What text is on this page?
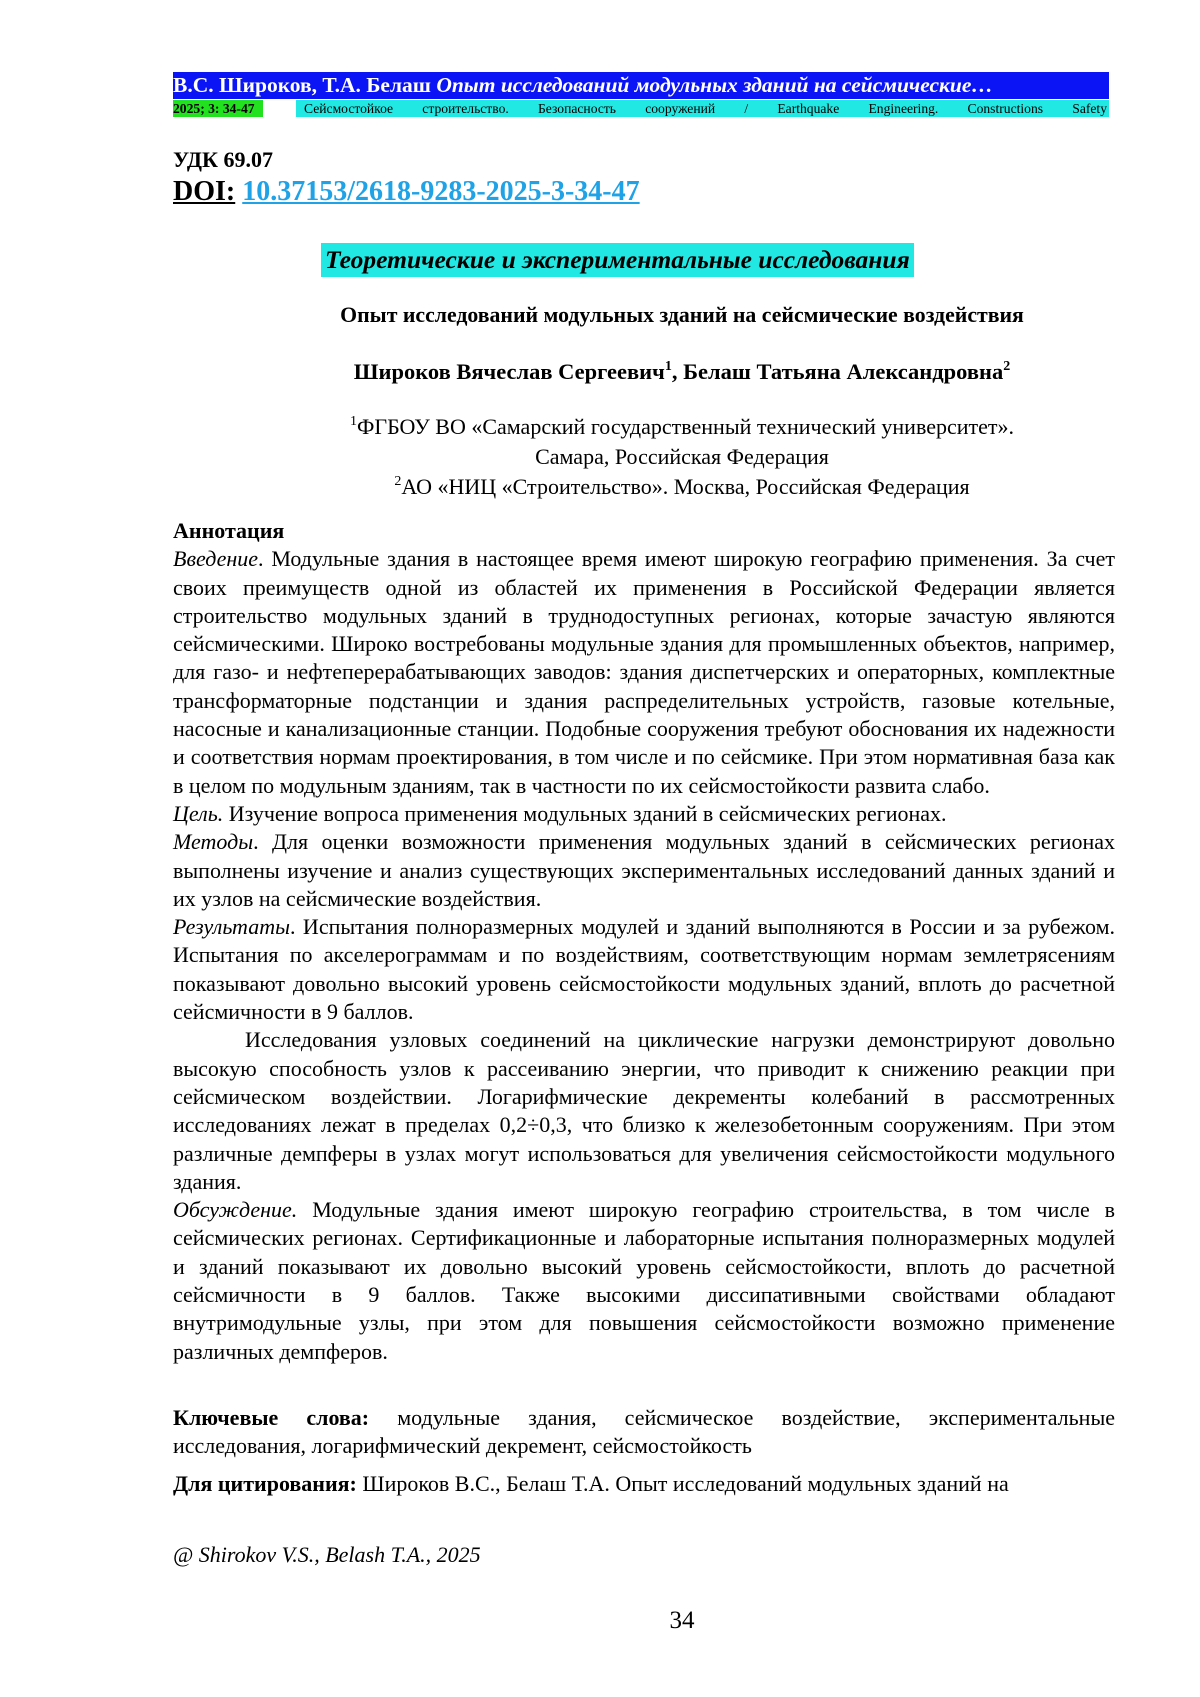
В.С. Широков, Т.А. Белаш Опыт исследований модульных зданий на сейсмические…
2025; 3: 34-47	Сейсмостойкое строительство. Безопасность сооружений / Earthquake Engineering. Constructions Safety
УДК 69.07
DOI: 10.37153/2618-9283-2025-3-34-47
Теоретические и экспериментальные исследования
Опыт исследований модульных зданий на сейсмические воздействия
Широков Вячеслав Сергеевич$^1$, Белаш Татьяна Александровна$^2$
$^1$ФГБОУ ВО «Самарский государственный технический университет».
Самара, Российская Федерация
$^2$АО «НИЦ «Строительство». Москва, Российская Федерация

Аннотация

Введение. Модульные здания в настоящее время имеют широкую географию применения. За счет своих преимуществ одной из областей их применения в Российской Федерации является строительство модульных зданий в труднодоступных регионах, которые зачастую являются сейсмическими. Широко востребованы модульные здания для промышленных объектов, например, для газо- и нефтеперерабатывающих заводов: здания диспетчерских и операторных, комплектные трансформаторные подстанции и здания распределительных устройств, газовые котельные, насосные и канализационные станции. Подобные сооружения требуют обоснования их надежности и соответствия нормам проектирования, в том числе и по сейсмике. При этом нормативная база как в целом по модульным зданиям, так в частности по их сейсмостойкости развита слабо.

Цель. Изучение вопроса применения модульных зданий в сейсмических регионах.

Методы. Для оценки возможности применения модульных зданий в сейсмических регионах выполнены изучение и анализ существующих экспериментальных исследований данных зданий и их узлов на сейсмические воздействия.

Результаты. Испытания полноразмерных модулей и зданий выполняются в России и за рубежом. Испытания по акселерограммам и по воздействиям, соответствующим нормам землетрясениям показывают довольно высокий уровень сейсмостойкости модульных зданий, вплоть до расчетной сейсмичности в 9 баллов.

Исследования узловых соединений на циклические нагрузки демонстрируют довольно высокую способность узлов к рассеиванию энергии, что приводит к снижению реакции при сейсмическом воздействии. Логарифмические декременты колебаний в рассмотренных исследованиях лежат в пределах 0,2÷0,3, что близко к железобетонным сооружениям. При этом различные демпферы в узлах могут использоваться для увеличения сейсмостойкости модульного здания.

Обсуждение. Модульные здания имеют широкую географию строительства, в том числе в сейсмических регионах. Сертификационные и лабораторные испытания полноразмерных модулей и зданий показывают их довольно высокий уровень сейсмостойкости, вплоть до расчетной сейсмичности в 9 баллов. Также высокими диссипативными свойствами обладают внутримодульные узлы, при этом для повышения сейсмостойкости возможно применение различных демпферов.

Ключевые слова: модульные здания, сейсмическое воздействие, экспериментальные исследования, логарифмический декремент, сейсмостойкость

Для цитирования: Широков В.С., Белаш Т.А. Опыт исследований модульных зданий на

@ Shirokov V.S., Belash T.A., 2025
34
